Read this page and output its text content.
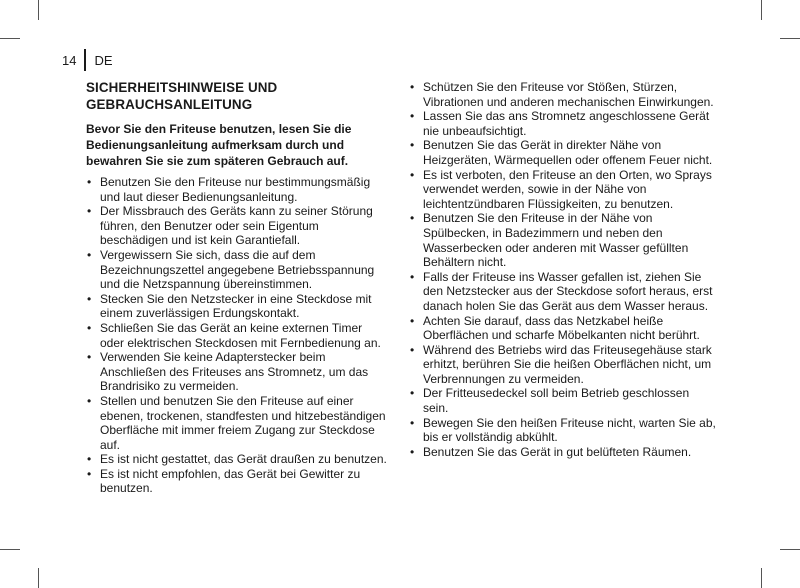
14 DE
SICHERHEITSHINWEISE UND GEBRAUCHSANLEITUNG
Bevor Sie den Friteuse benutzen, lesen Sie die Bedienungsanleitung aufmerksam durch und bewahren Sie sie zum späteren Gebrauch auf.
• Benutzen Sie den Friteuse nur bestimmungsmäßig und laut dieser Bedienungsanleitung.
• Der Missbrauch des Geräts kann zu seiner Störung führen, den Benutzer oder sein Eigentum beschädigen und ist kein Garantiefall.
• Vergewissern Sie sich, dass die auf dem Bezeichnungszettel angegebene Betriebsspannung und die Netzspannung übereinstimmen.
• Stecken Sie den Netzstecker in eine Steckdose mit einem zuverlässigen Erdungskontakt.
• Schließen Sie das Gerät an keine externen Timer oder elektrischen Steckdosen mit Fernbedienung an.
• Verwenden Sie keine Adapterstecker beim Anschließen des Friteuses ans Stromnetz, um das Brandrisiko zu vermeiden.
• Stellen und benutzen Sie den Friteuse auf einer ebenen, trockenen, standfesten und hitzebeständigen Oberfläche mit immer freiem Zugang zur Steckdose auf.
• Es ist nicht gestattet, das Gerät draußen zu benutzen.
• Es ist nicht empfohlen, das Gerät bei Gewitter zu benutzen.
• Schützen Sie den Friteuse vor Stößen, Stürzen, Vibrationen und anderen mechanischen Einwirkungen.
• Lassen Sie das ans Stromnetz angeschlossene Gerät nie unbeaufsichtigt.
• Benutzen Sie das Gerät in direkter Nähe von Heizgeräten, Wärmequellen oder offenem Feuer nicht.
• Es ist verboten, den Friteuse an den Orten, wo Sprays verwendet werden, sowie in der Nähe von leichtentzündbaren Flüssigkeiten, zu benutzen.
• Benutzen Sie den Friteuse in der Nähe von Spülbecken, in Badezimmern und neben den Wasserbecken oder anderen mit Wasser gefüllten Behältern nicht.
• Falls der Friteuse ins Wasser gefallen ist, ziehen Sie den Netzstecker aus der Steckdose sofort heraus, erst danach holen Sie das Gerät aus dem Wasser heraus.
• Achten Sie darauf, dass das Netzkabel heiße Oberflächen und scharfe Möbelkanten nicht berührt.
• Während des Betriebs wird das Friteusegehäuse stark erhitzt, berühren Sie die heißen Oberflächen nicht, um Verbrennungen zu vermeiden.
• Der Fritteusedeckel soll beim Betrieb geschlossen sein.
• Bewegen Sie den heißen Friteuse nicht, warten Sie ab, bis er vollständig abkühlt.
• Benutzen Sie das Gerät in gut belüfteten Räumen.
